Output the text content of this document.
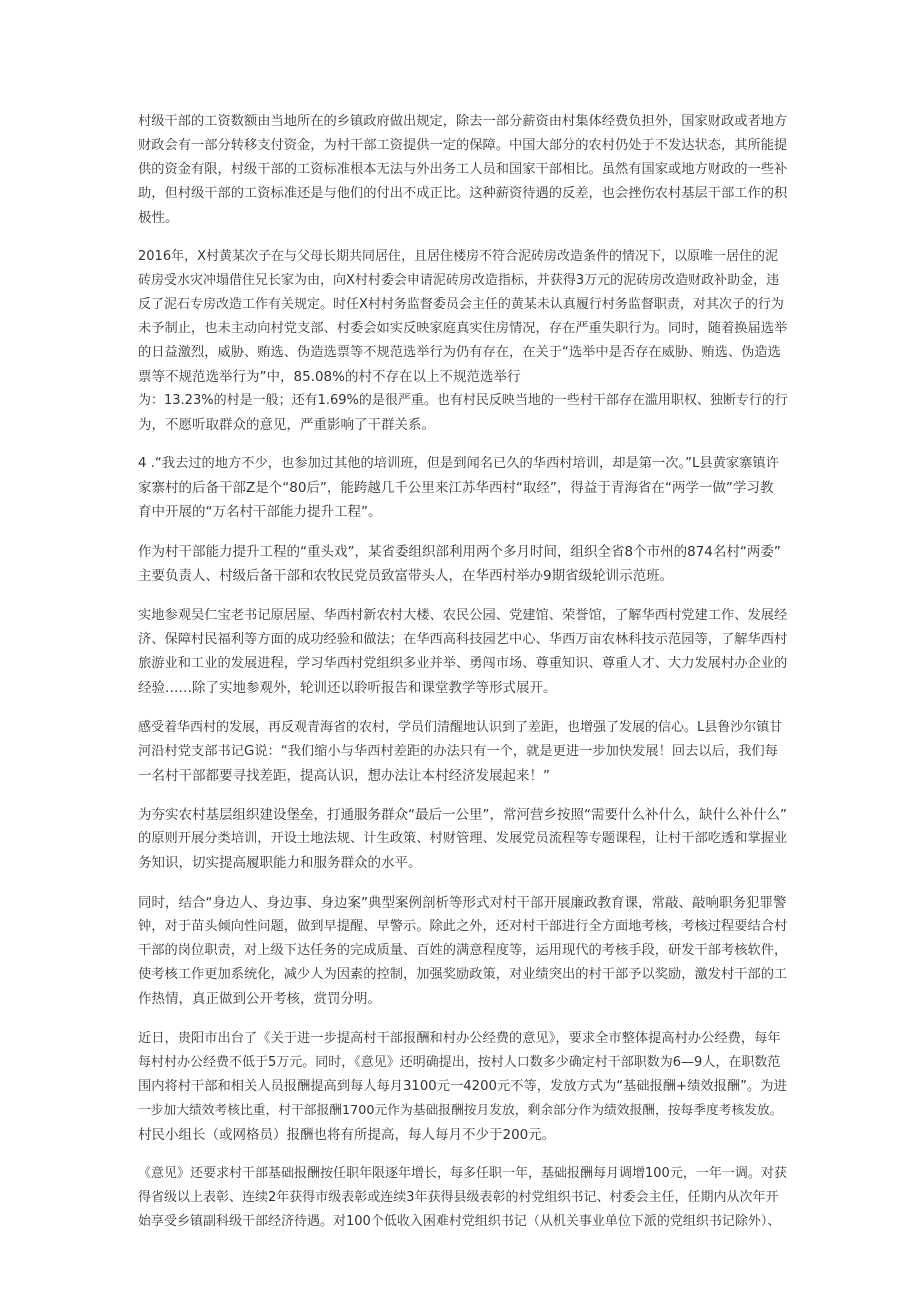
村级干部的工资数额由当地所在的乡镇政府做出规定，除去一部分薪资由村集体经费负担外，国家财政或者地方
财政会有一部分转移支付资金，为村干部工资提供一定的保障。中国大部分的农村仍处于不发达状态，其所能提
供的资金有限，村级干部的工资标准根本无法与外出务工人员和国家干部相比。虽然有国家或地方财政的一些补
助，但村级干部的工资标准还是与他们的付出不成正比。这种薪资待遇的反差，也会挫伤农村基层干部工作的积
极性。
2016年，X村黄某次子在与父母长期共同居住，且居住楼房不符合泥砖房改造条件的情况下，以原唯一居住的泥
砖房受水灾冲塌借住兄长家为由，向X村村委会申请泥砖房改造指标，并获得3万元的泥砖房改造财政补助金，违
反了泥石专房改造工作有关规定。时任X村村务监督委员会主任的黄某未认真履行村务监督职责，对其次子的行为
未予制止，也未主动向村党支部、村委会如实反映家庭真实住房情况，存在严重失职行为。同时，随着换届选举
的日益激烈，威胁、贿选、伪造选票等不规范选举行为仍有存在，在关于“选举中是否存在威胁、贿选、伪造选
票等不规范选举行为”中，85.08%的村不存在以上不规范选举行
为：13.23%的村是一般；还有1.69%的是很严重。也有村民反映当地的一些村干部存在滥用职权、独断专行的行
为，不愿听取群众的意见，严重影响了干群关系。
4 .“我去过的地方不少，也参加过其他的培训班，但是到闻名已久的华西村培训，却是第一次。”L县黄家寨镇许
家寨村的后备干部Z是个“80后”，能跨越几千公里来江苏华西村“取经”，得益于青海省在“两学一做”学习教
育中开展的“万名村干部能力提升工程”。
作为村干部能力提升工程的“重头戏”，某省委组织部利用两个多月时间，组织全省8个市州的874名村“两委”
主要负责人、村级后备干部和农牧民党员致富带头人，在华西村举办9期省级轮训示范班。
实地参观吴仁宝老书记原居屋、华西村新农村大楼、农民公园、党建馆、荣誉馆，了解华西村党建工作、发展经
济、保障村民福利等方面的成功经验和做法；在华西高科技园艺中心、华西万亩农林科技示范园等，了解华西村
旅游业和工业的发展进程，学习华西村党组织多业并举、勇闯市场、尊重知识、尊重人才、大力发展村办企业的
经验……除了实地参观外，轮训还以聆听报告和课堂教学等形式展开。
感受着华西村的发展，再反观青海省的农村，学员们清醒地认识到了差距，也增强了发展的信心。L县鲁沙尔镇甘
河沿村党支部书记G说：“我们缩小与华西村差距的办法只有一个，就是更进一步加快发展！回去以后，我们每
一名村干部都要寻找差距，提高认识，想办法让本村经济发展起来！”
为夯实农村基层组织建设堡垒，打通服务群众“最后一公里”，常河营乡按照“需要什么补什么，缺什么补什么”
的原则开展分类培训，开设土地法规、计生政策、村财管理、发展党员流程等专题课程，让村干部吃透和掌握业
务知识，切实提高履职能力和服务群众的水平。
同时，结合“身边人、身边事、身边案”典型案例剖析等形式对村干部开展廉政教育课，常敲、敲响职务犯罪警
钟，对于苗头倾向性问题，做到早提醒、早警示。除此之外，还对村干部进行全方面地考核，考核过程要结合村
干部的岗位职责，对上级下达任务的完成质量、百姓的满意程度等，运用现代的考核手段，研发干部考核软件，
使考核工作更加系统化，减少人为因素的控制，加强奖励政策，对业绩突出的村干部予以奖励，激发村干部的工
作热情，真正做到公开考核，赏罚分明。
近日，贵阳市出台了《关于进一步提高村干部报酬和村办公经费的意见》，要求全市整体提高村办公经费，每年
每村村办公经费不低于5万元。同时，《意见》还明确提出，按村人口数多少确定村干部职数为6—9人，在职数范
围内将村干部和相关人员报酬提高到每人每月3100元一4200元不等，发放方式为“基础报酬+绩效报酬”。为进
一步加大绩效考核比重，村干部报酬1700元作为基础报酬按月发放，剩余部分作为绩效报酬，按每季度考核发放。
村民小组长（或网格员）报酬也将有所提高，每人每月不少于200元。
《意见》还要求村干部基础报酬按任职年限逐年增长，每多任职一年，基础报酬每月调增100元，一年一调。对获
得省级以上表彰、连续2年获得市级表彰或连续3年获得县级表彰的村党组织书记、村委会主任，任期内从次年开
始享受乡镇副科级干部经济待遇。对100个低收入困难村党组织书记（从机关事业单位下派的党组织书记除外）、
